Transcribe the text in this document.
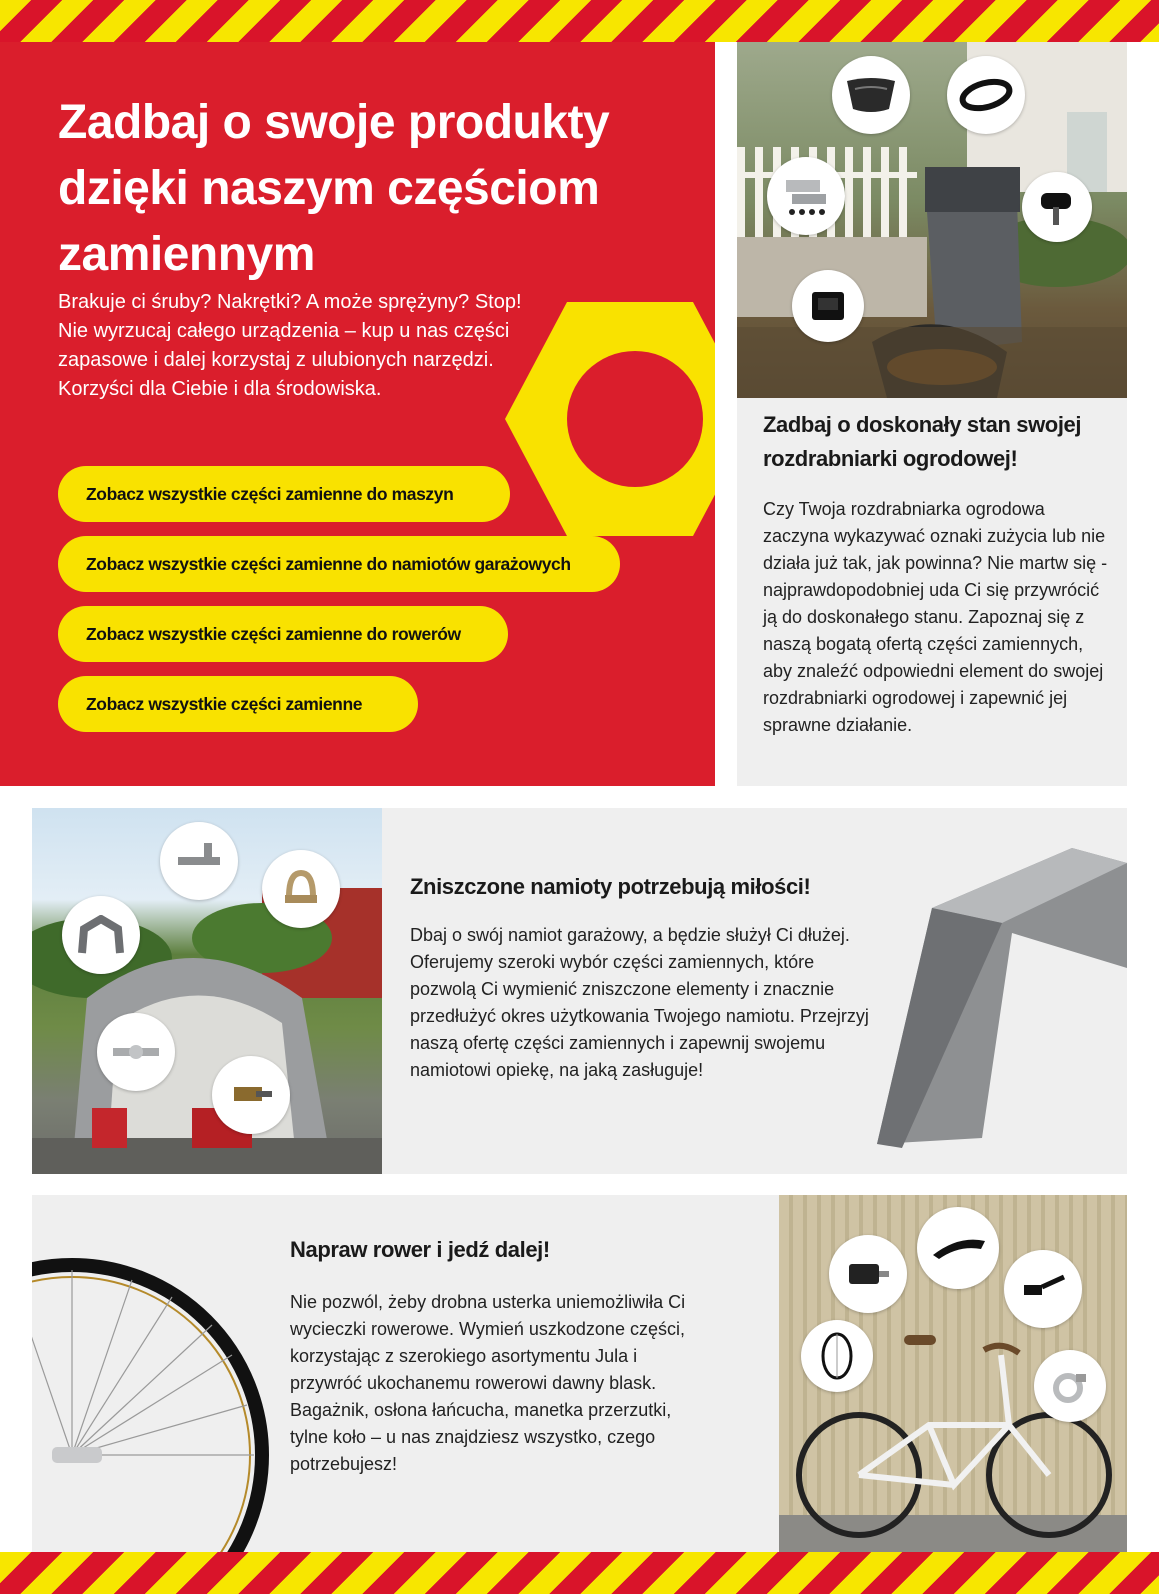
Zadbaj o swoje produkty dzięki naszym częściom zamiennym

Brakuje ci śruby? Nakrętki? A może sprężyny? Stop! Nie wyrzucaj całego urządzenia – kup u nas części zapasowe i dalej korzystaj z ulubionych narzędzi. Korzyści dla Ciebie i dla środowiska.

Zobacz wszystkie części zamienne do maszyn
Zobacz wszystkie części zamienne do namiotów garażowych
Zobacz wszystkie części zamienne do rowerów
Zobacz wszystkie części zamienne
Zadbaj o doskonały stan swojej rozdrabniarki ogrodowej!

Czy Twoja rozdrabniarka ogrodowa zaczyna wykazywać oznaki zużycia lub nie działa już tak, jak powinna? Nie martw się - najprawdopodobniej uda Ci się przywrócić ją do doskonałego stanu. Zapoznaj się z naszą bogatą ofertą części zamiennych, aby znaleźć odpowiedni element do swojej rozdrabniarki ogrodowej i zapewnić jej sprawne działanie.

Zniszczone namioty potrzebują miłości!

Dbaj o swój namiot garażowy, a będzie służył Ci dłużej. Oferujemy szeroki wybór części zamiennych, które pozwolą Ci wymienić zniszczone elementy i znacznie przedłużyć okres użytkowania Twojego namiotu. Przejrzyj naszą ofertę części zamiennych i zapewnij swojemu namiotowi opiekę, na jaką zasługuje!

Napraw rower i jedź dalej!

Nie pozwól, żeby drobna usterka uniemożliwiła Ci wycieczki rowerowe. Wymień uszkodzone części, korzystając z szerokiego asortymentu Jula i przywróć ukochanemu rowerowi dawny blask. Bagażnik, osłona łańcucha, manetka przerzutki, tylne koło – u nas znajdziesz wszystko, czego potrzebujesz!
